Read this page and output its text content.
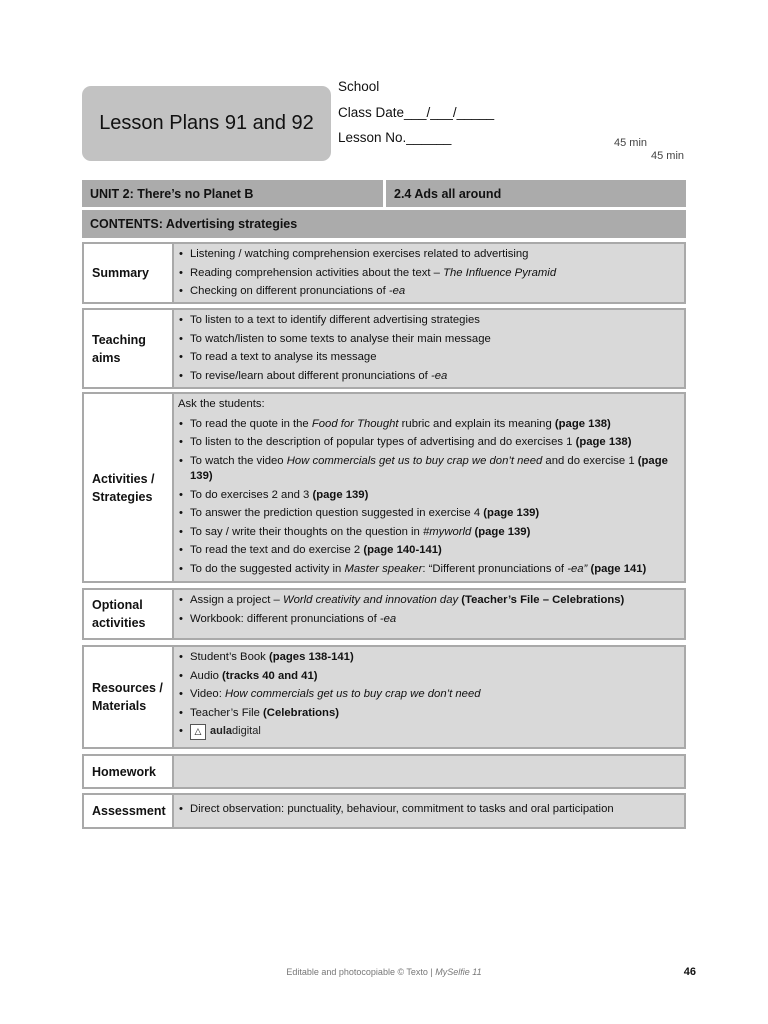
Lesson Plans 91 and 92
School
Class Date___/___/_____
Lesson No.______	45 min
45 min
UNIT 2: There’s no Planet B	2.4 Ads all around
CONTENTS: Advertising strategies
Summary
• Listening / watching comprehension exercises related to advertising
• Reading comprehension activities about the text – The Influence Pyramid
• Checking on different pronunciations of -ea
Teaching aims
• To listen to a text to identify different advertising strategies
• To watch/listen to some texts to analyse their main message
• To read a text to analyse its message
• To revise/learn about different pronunciations of -ea
Activities / Strategies
Ask the students:
• To read the quote in the Food for Thought rubric and explain its meaning (page 138)
• To listen to the description of popular types of advertising and do exercises 1 (page 138)
• To watch the video How commercials get us to buy crap we don’t need and do exercise 1 (page 139)
• To do exercises 2 and 3 (page 139)
• To answer the prediction question suggested in exercise 4 (page 139)
• To say / write their thoughts on the question in #myworld (page 139)
• To read the text and do exercise 2 (page 140-141)
• To do the suggested activity in Master speaker: “Different pronunciations of -ea” (page 141)
Optional activities
• Assign a project – World creativity and innovation day (Teacher’s File – Celebrations)
• Workbook: different pronunciations of -ea
Resources / Materials
• Student’s Book (pages 138-141)
• Audio (tracks 40 and 41)
• Video: How commercials get us to buy crap we don’t need
• Teacher’s File (Celebrations)
• △ auladigital
Homework
Assessment
•	Direct observation: punctuality, behaviour, commitment to tasks and oral participation
Editable and photocopiable © Texto | MySelfie 11	46
